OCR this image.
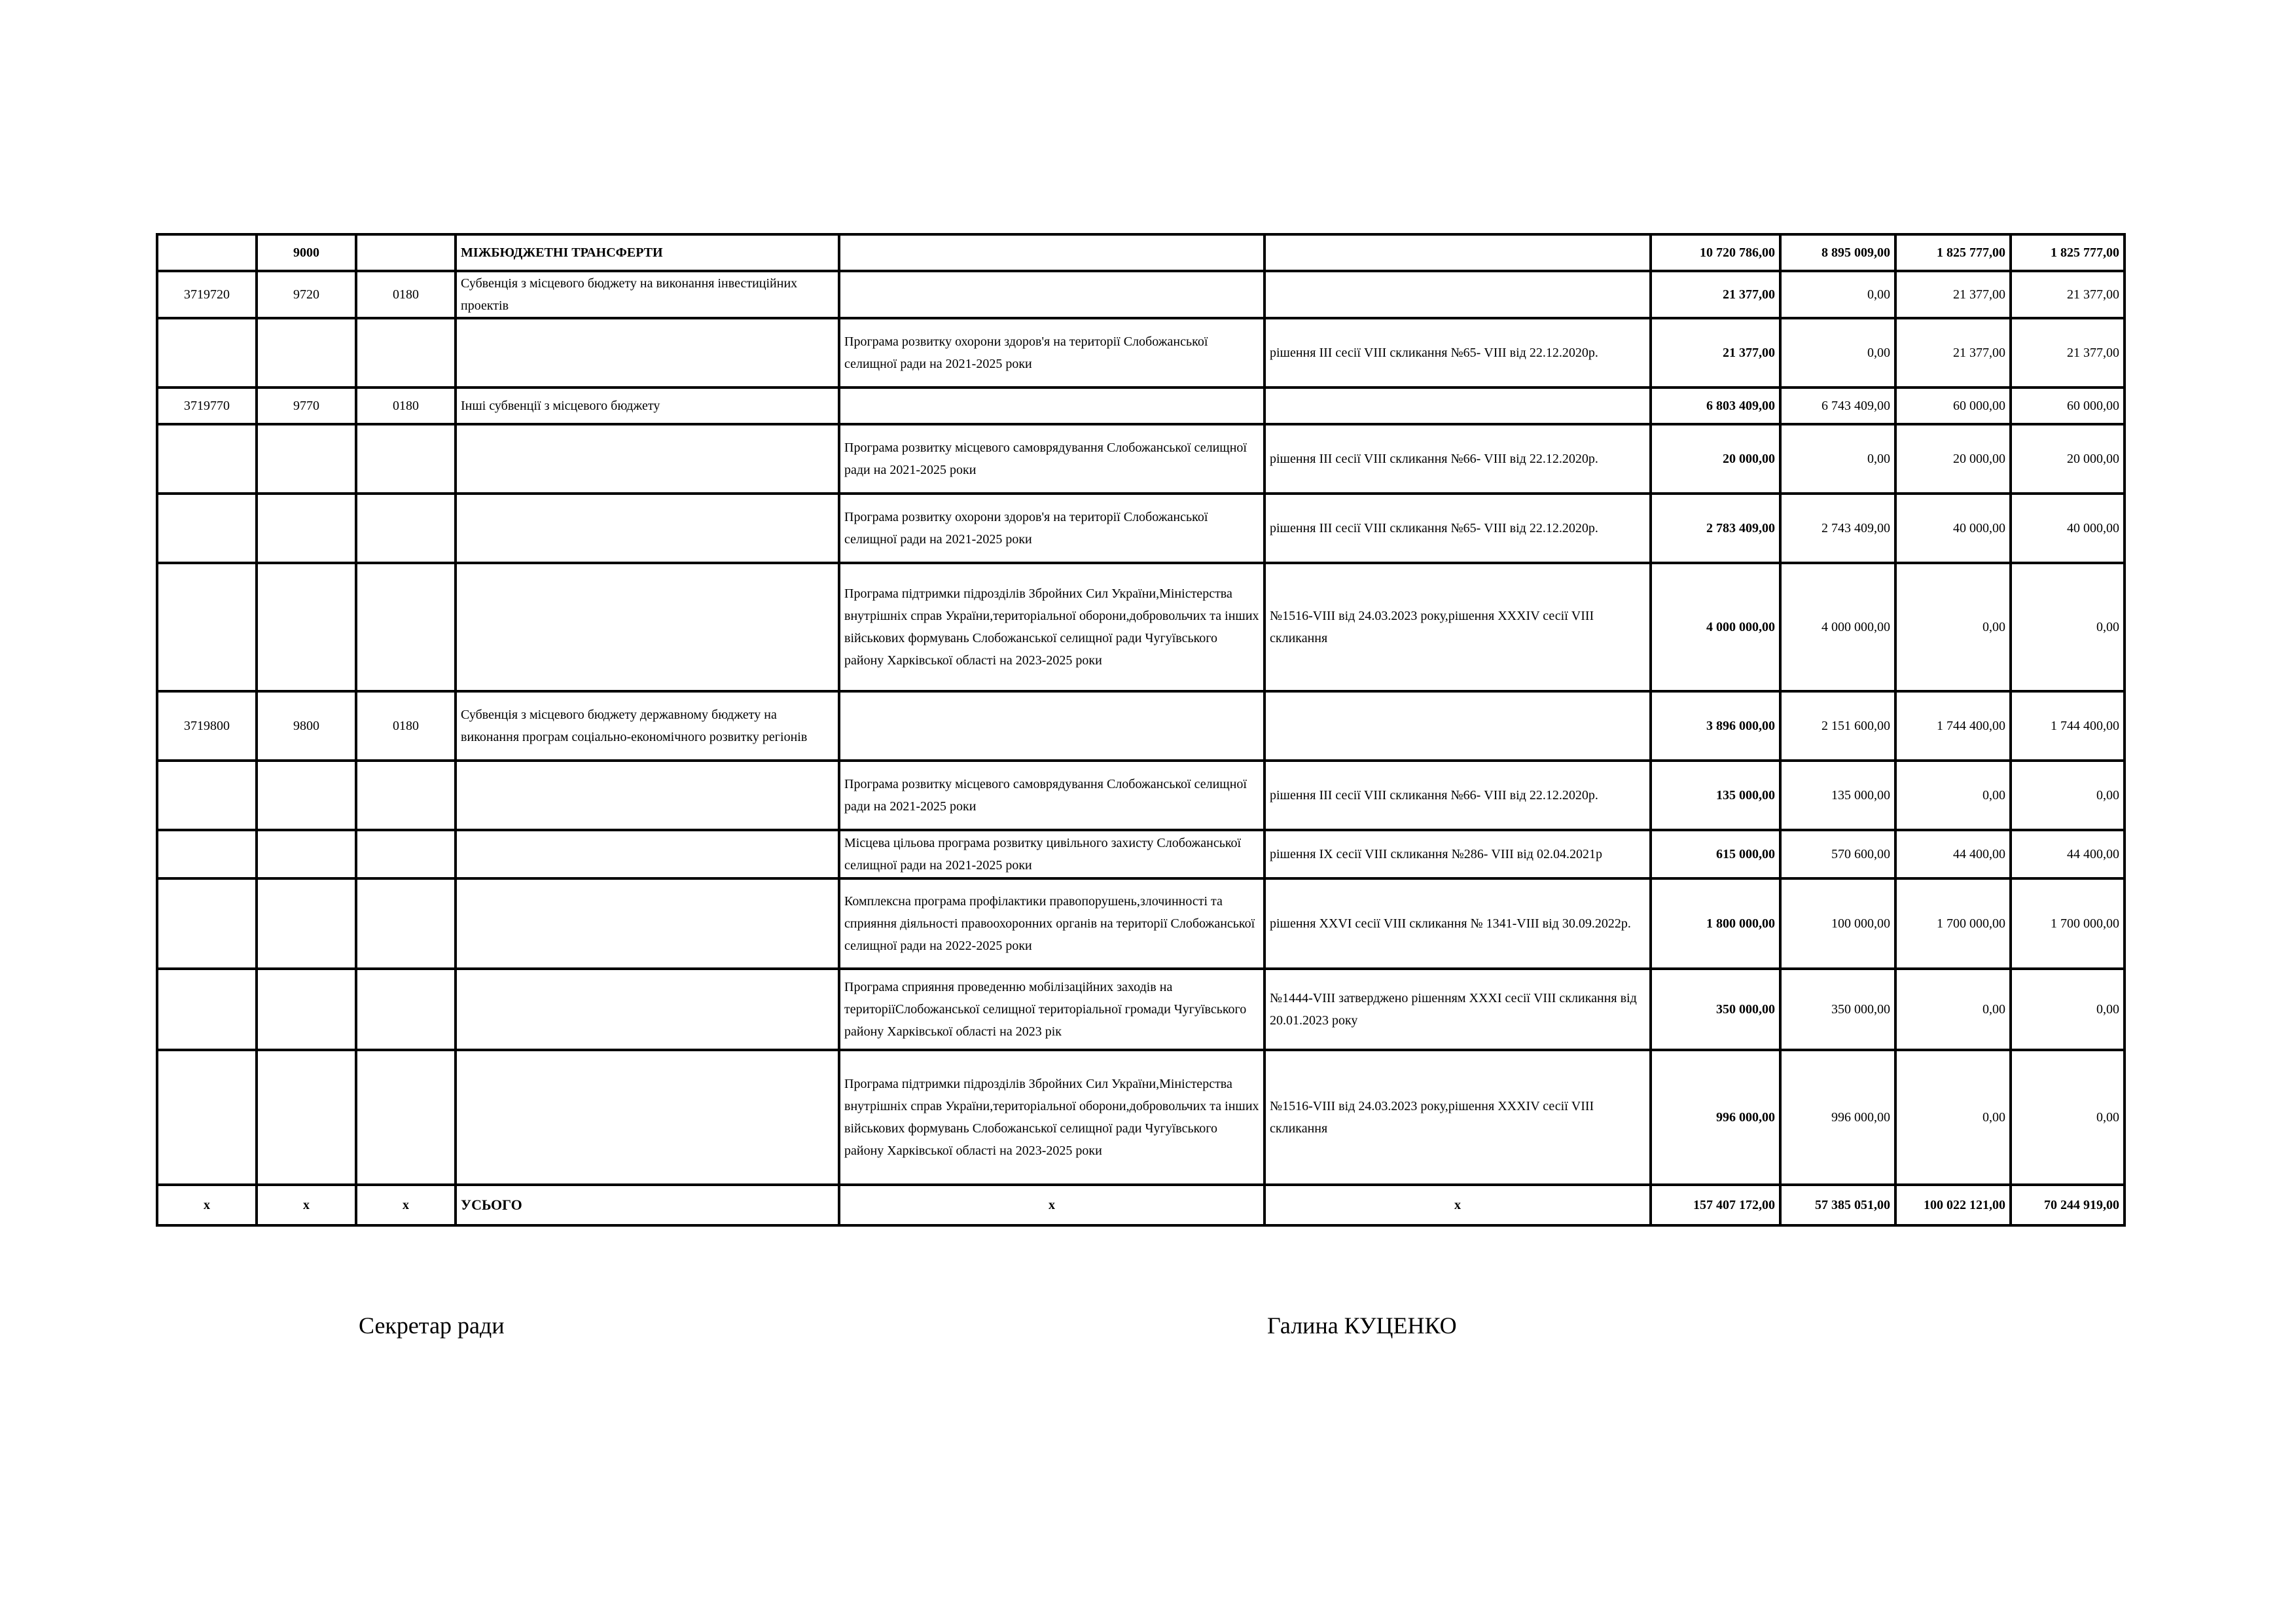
	9000		МІЖБЮДЖЕТНІ ТРАНСФЕРТИ			10 720 786,00	8 895 009,00	1 825 777,00	1 825 777,00
3719720	9720	0180	Субвенція з місцевого бюджету на виконання інвестиційних проектів			21 377,00	0,00	21 377,00	21 377,00
				Програма розвитку охорони здоров'я на території Слобожанської селищної ради на 2021-2025 роки	рішення ІІІ сесії VIІІ скликання №65- VIІІ від 22.12.2020р.	21 377,00	0,00	21 377,00	21 377,00
3719770	9770	0180	Інші субвенції з місцевого бюджету			6 803 409,00	6 743 409,00	60 000,00	60 000,00
				Програма розвитку місцевого самоврядування Слобожанської селищної ради на 2021-2025 роки	рішення ІІІ сесії VIІІ скликання №66- VIІІ від 22.12.2020р.	20 000,00	0,00	20 000,00	20 000,00
				Програма розвитку охорони здоров'я на території Слобожанської селищної ради на 2021-2025 роки	рішення ІІІ сесії VIІІ скликання №65- VIІІ від 22.12.2020р.	2 783 409,00	2 743 409,00	40 000,00	40 000,00
				Програма підтримки підрозділів Збройних Сил України,Міністерства внутрішніх справ України,територіальної оборони,добровольчих та інших військових формувань Слобожанської селищної ради Чугуївського району Харківської області на 2023-2025 роки	№1516-VIІІ від 24.03.2023 року,рішення XXXIV сесії VIІІ скликання	4 000 000,00	4 000 000,00	0,00	0,00
3719800	9800	0180	Субвенція з місцевого бюджету державному бюджету на виконання програм соціально-економічного розвитку регіонів			3 896 000,00	2 151 600,00	1 744 400,00	1 744 400,00
				Програма розвитку місцевого самоврядування Слобожанської селищної ради на 2021-2025 роки	рішення ІІІ сесії VIІІ скликання №66- VIІІ від 22.12.2020р.	135 000,00	135 000,00	0,00	0,00
				Місцева цільова програма розвитку цивільного захисту Слобожанської селищної ради на 2021-2025 роки	рішення ІХ сесії VIІІ скликання №286- VIІІ від 02.04.2021р	615 000,00	570 600,00	44 400,00	44 400,00
				Комплексна програма профілактики правопорушень,злочинності та сприяння діяльності правоохоронних органів на території Слобожанської селищної ради на 2022-2025 роки	рішення XXVI сесії VIІІ скликання № 1341-VIІІ від 30.09.2022р.	1 800 000,00	100 000,00	1 700 000,00	1 700 000,00
				Програма сприяння проведенню мобілізаційних заходів на територіїСлобожанської селищної територіальної громади Чугуївського району Харківської області на 2023 рік	№1444-VIІІ затверджено рішенням XXXI сесії VIІІ скликання від 20.01.2023 року	350 000,00	350 000,00	0,00	0,00
				Програма підтримки підрозділів Збройних Сил України,Міністерства внутрішніх справ України,територіальної оборони,добровольчих та інших військових формувань Слобожанської селищної ради Чугуївського району Харківської області на 2023-2025 роки	№1516-VIІІ від 24.03.2023 року,рішення XXXIV сесії VIІІ скликання	996 000,00	996 000,00	0,00	0,00
x	x	x	УСЬОГО	x	x	157 407 172,00	57 385 051,00	100 022 121,00	70 244 919,00
Секретар ради	Галина КУЦЕНКО
